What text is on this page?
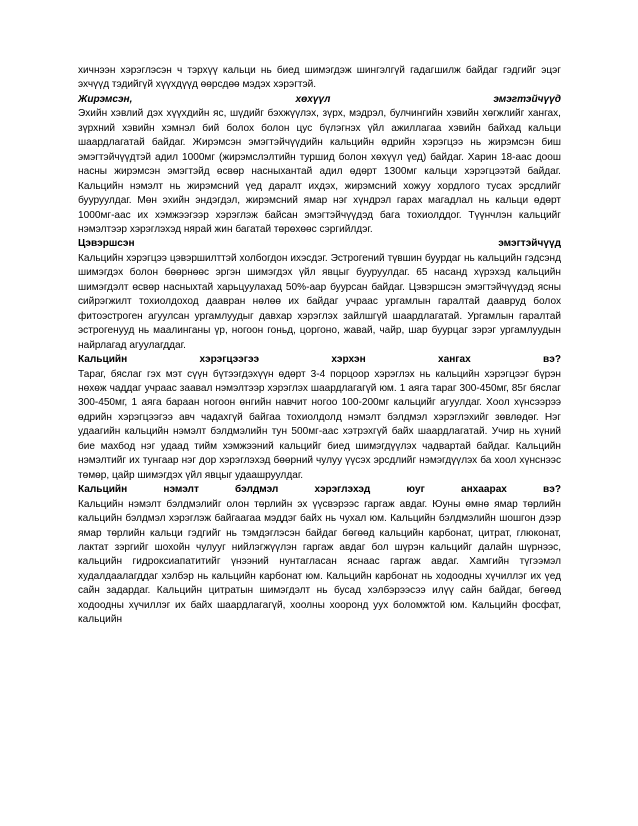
хичнээн хэрэглэсэн ч тэрхүү кальци нь биед шимэгдэж шингэлгүй гадагшилж байдаг гэдгийг эцэг эхчүүд тэдийгүй хүүхдүүд өөрсдөө мэдэх хэрэгтэй.

Жирэмсэн, хөхүүл эмэгтэйчүүд

Эхийн хэвлий дэх хүүхдийн яс, шүдийг бэхжүүлэх, зүрх, мэдрэл, булчингийн хэвийн хөгжлийг хангах, зүрхний хэвийн хэмнэл бий болох болон цус бүлэгнэх үйл ажиллагаа хэвийн байхад кальци шаардлагатай байдаг. Жирэмсэн эмэгтэйчүүдийн кальцийн өдрийн хэрэгцээ нь жирэмсэн биш эмэгтэйчүүдтэй адил 1000мг (жирэмслэлтийн туршид болон хөхүүл үед) байдаг. Харин 18-аас доош насны жирэмсэн эмэгтэйд өсвөр насныхантай адил өдөрт 1300мг кальци хэрэгцээтэй байдаг. Кальцийн нэмэлт нь жирэмсний үед даралт ихдэх, жирэмсний хожуу хордлого тусах эрсдлийг бууруулдаг. Мөн эхийн эндэгдэл, жирэмсний ямар нэг хүндрэл гарах магадлал нь кальци өдөрт 1000мг-аас их хэмжээгээр хэрэглэж байсан эмэгтэйчүүдэд бага тохиолддог. Түүнчлэн кальцийг нэмэлтээр хэрэглэхэд нярай жин багатай төрөхөөс сэргийлдэг.

Цэвэршсэн эмэгтэйчүүд

Кальцийн хэрэгцээ цэвэршилттэй холбогдон ихэсдэг. Эстрогений түвшин буурдаг нь кальцийн гэдсэнд шимэгдэх болон бөөрнөөс эргэн шимэгдэх үйл явцыг бууруулдаг. 65 насанд хүрэхэд кальцийн шимэгдэлт өсвөр насныхтай харьцуулахад 50%-аар буурсан байдаг. Цэвэршсэн эмэгтэйчүүдэд ясны сийрэгжилт тохиолдоход даавран нөлөө их байдаг учраас ургамлын гаралтай даавруд болох фитоэстроген агуулсан ургамлуудыг давхар хэрэглэх зайлшгүй шаардлагатай. Ургамлын гаралтай эстрогенууд нь маалинганы үр, ногоон гоньд, цоргоно, жавай, чайр, шар буурцаг зэрэг ургамлуудын найрлагад агуулагддаг.

Кальцийн хэрэгцээгээ хэрхэн хангах вэ?

Тараг, бяслаг гэх мэт сүүн бүтээгдэхүүн өдөрт 3-4 порцоор хэрэглэх нь кальцийн хэрэгцээг бүрэн нөхөж чаддаг учраас заавал нэмэлтээр хэрэглэх шаардлагагүй юм. 1 аяга тараг 300-450мг, 85г бяслаг 300-450мг, 1 аяга бараан ногоон өнгийн навчит ногоо 100-200мг кальцийг агуулдаг. Хоол хүнсээрээ өдрийн хэрэгцээгээ авч чадахгүй байгаа тохиолдолд нэмэлт бэлдмэл хэрэглэхийг зөвлөдөг. Нэг удаагийн кальцийн нэмэлт бэлдмэлийн тун 500мг-аас хэтрэхгүй байх шаардлагатай. Учир нь хүний бие махбод нэг удаад тийм хэмжээний кальцийг биед шимэгдүүлэх чадвартай байдаг. Кальцийн нэмэлтийг их тунгаар нэг дор хэрэглэхэд бөөрний чулуу үүсэх эрсдлийг нэмэгдүүлэх ба хоол хүнснээс төмөр, цайр шимэгдэх үйл явцыг удаашруулдаг.

Кальцийн нэмэлт бэлдмэл хэрэглэхэд юуг анхаарах вэ?

Кальцийн нэмэлт бэлдмэлийг олон төрлийн эх үүсвэрээс гаргаж авдаг. Юуны өмнө ямар төрлийн кальцийн бэлдмэл хэрэглэж байгаагаа мэддэг байх нь чухал юм. Кальцийн бэлдмэлийн шошгон дээр ямар төрлийн кальци гэдгийг нь тэмдэглэсэн байдаг бөгөөд кальцийн карбонат, цитрат, глюконат, лактат зэргийг шохойн чулууг нийлэгжүүлэн гаргаж авдаг бол шүрэн кальцийг далайн шүрнээс, кальцийн гидроксиапатитийг үнээний нунтагласан яснаас гаргаж авдаг. Хамгийн түгээмэл худалдаалагддаг хэлбэр нь кальцийн карбонат юм. Кальцийн карбонат нь ходоодны хүчиллэг их үед сайн задардаг. Кальцийн цитратын шимэгдэлт нь бусад хэлбэрээсээ илүү сайн байдаг, бөгөөд ходоодны хүчиллэг их байх шаардлагагүй, хоолны хооронд уух боломжтой юм. Кальцийн фосфат, кальцийн
